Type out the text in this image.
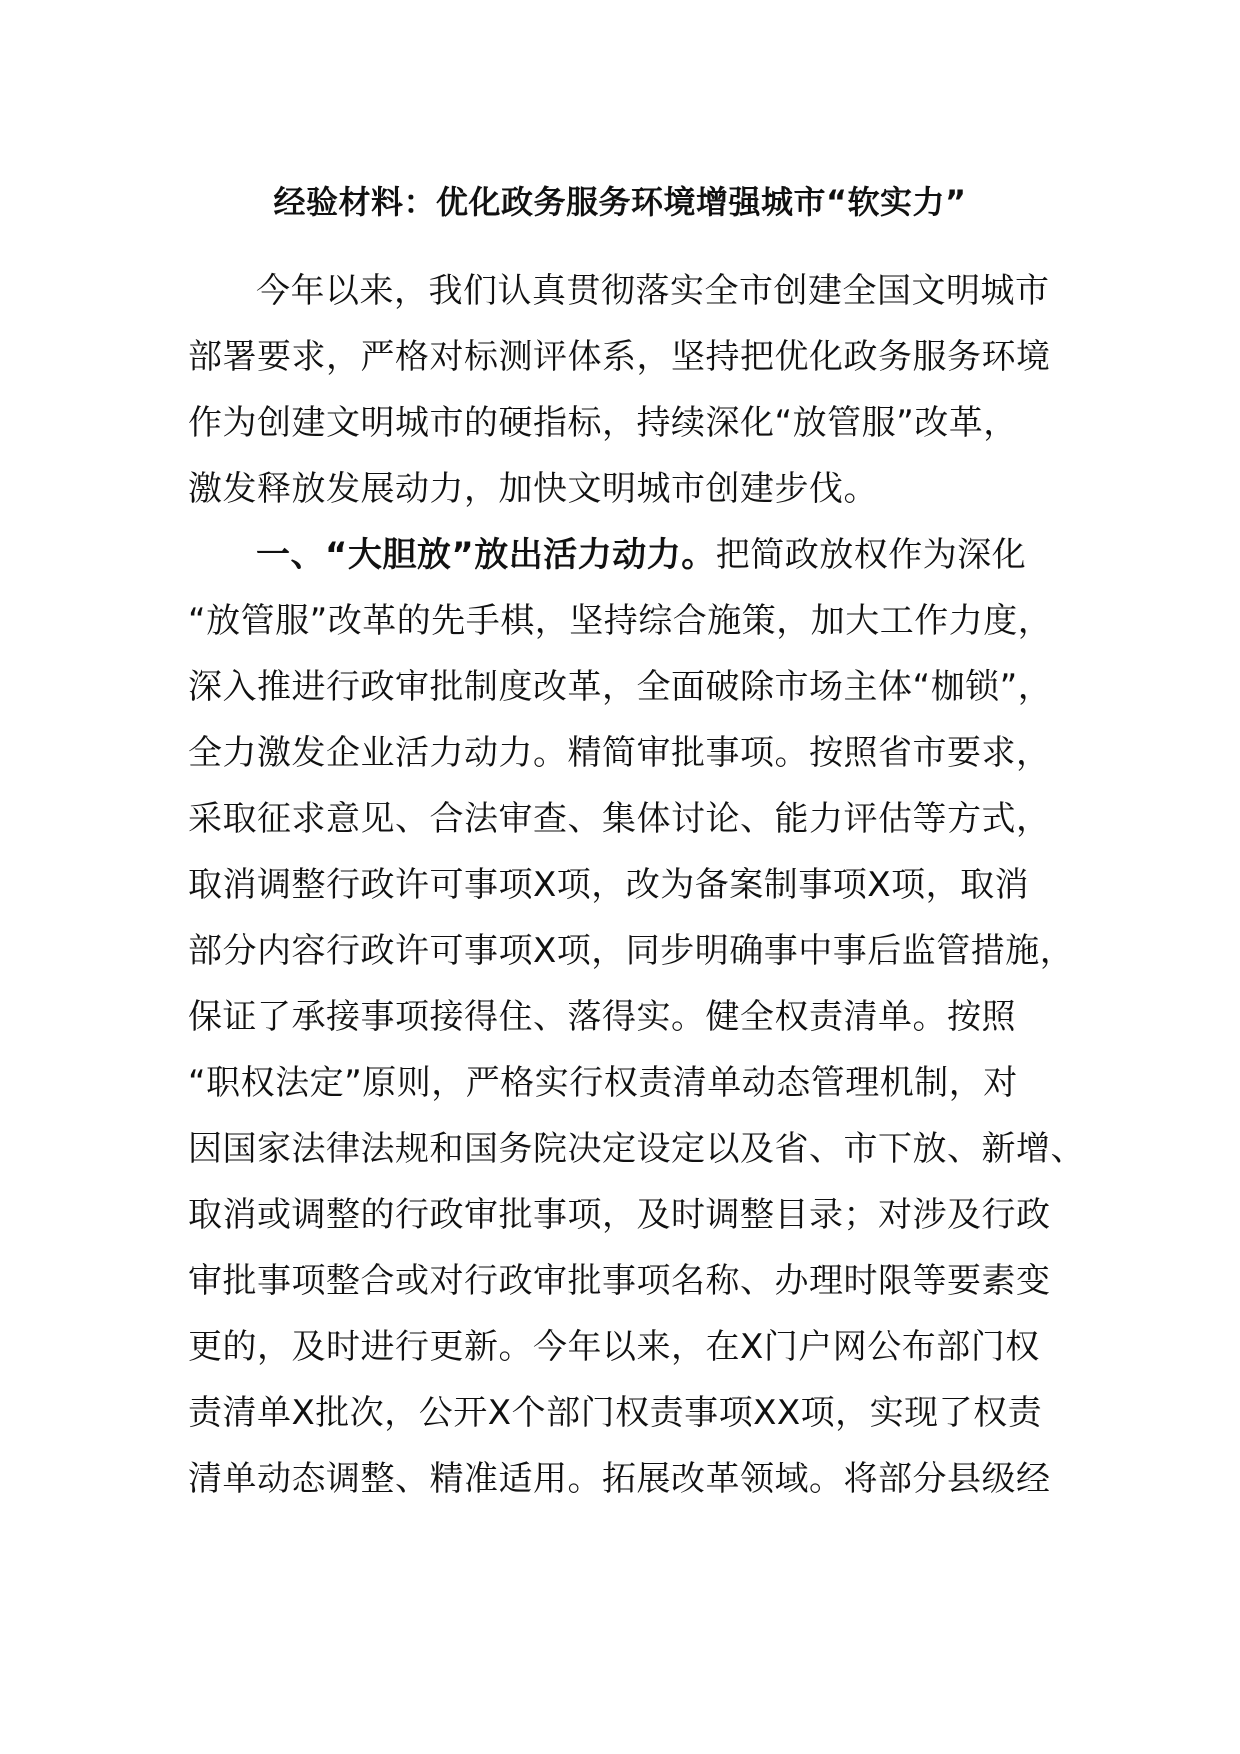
经验材料：优化政务服务环境增强城市“软实力”
今年以来，我们认真贯彻落实全市创建全国文明城市
部署要求，严格对标测评体系，坚持把优化政务服务环境
作为创建文明城市的硬指标，持续深化“放管服”改革，
激发释放发展动力，加快文明城市创建步伐。
一、“大胆放”放出活力动力。把简政放权作为深化
“放管服”改革的先手棋，坚持综合施策，加大工作力度，
深入推进行政审批制度改革，全面破除市场主体“枷锁”，
全力激发企业活力动力。精简审批事项。按照省市要求，
采取征求意见、合法审查、集体讨论、能力评估等方式，
取消调整行政许可事项X项，改为备案制事项X项，取消
部分内容行政许可事项X项，同步明确事中事后监管措施，
保证了承接事项接得住、落得实。健全权责清单。按照
“职权法定”原则，严格实行权责清单动态管理机制，对
因国家法律法规和国务院决定设定以及省、市下放、新增、
取消或调整的行政审批事项，及时调整目录；对涉及行政
审批事项整合或对行政审批事项名称、办理时限等要素变
更的，及时进行更新。今年以来，在X门户网公布部门权
责清单X批次，公开X个部门权责事项XX项，实现了权责
清单动态调整、精准适用。拓展改革领域。将部分县级经
